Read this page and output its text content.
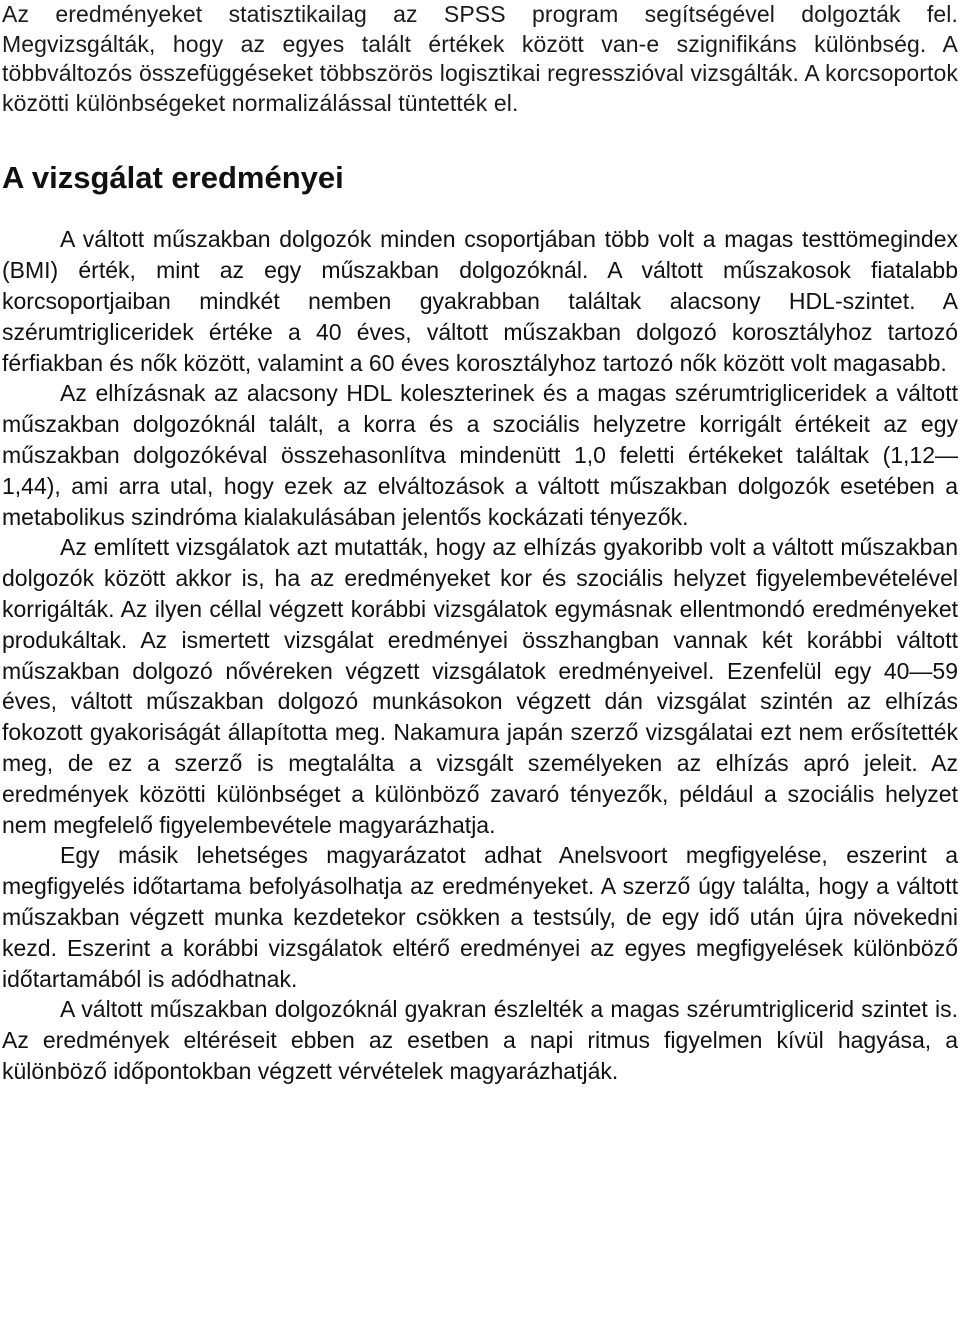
Az eredményeket statisztikailag az SPSS program segítségével dolgozták fel. Megvizsgálták, hogy az egyes talált értékek között van-e szignifikáns különbség. A többváltozós összefüggéseket többszörös logisztikai regresszióval vizsgálták. A korcsoportok közötti különbségeket normalizálással tüntették el.

A vizsgálat eredményei

A váltott műszakban dolgozók minden csoportjában több volt a magas testtömegindex (BMI) érték, mint az egy műszakban dolgozóknál. A váltott műszakosok fiatalabb korcsoportjaiban mindkét nemben gyakrabban találtak alacsony HDL-szintet. A szérumtrigliceridek értéke a 40 éves, váltott műszakban dolgozó korosztályhoz tartozó férfiakban és nők között, valamint a 60 éves korosztályhoz tartozó nők között volt magasabb.

Az elhízásnak az alacsony HDL koleszterinek és a magas szérumtrigliceridek a váltott műszakban dolgozóknál talált, a korra és a szociális helyzetre korrigált értékeit az egy műszakban dolgozókéval összehasonlítva mindenütt 1,0 feletti értékeket találtak (1,12—1,44), ami arra utal, hogy ezek az elváltozások a váltott műszakban dolgozók esetében a metabolikus szindróma kialakulásában jelentős kockázati tényezők.

Az említett vizsgálatok azt mutatták, hogy az elhízás gyakoribb volt a váltott műszakban dolgozók között akkor is, ha az eredményeket kor és szociális helyzet figyelembevételével korrigálták. Az ilyen céllal végzett korábbi vizsgálatok egymásnak ellentmondó eredményeket produkáltak. Az ismertett vizsgálat eredményei összhangban vannak két korábbi váltott műszakban dolgozó nővéreken végzett vizsgálatok eredményeivel. Ezenfelül egy 40—59 éves, váltott műszakban dolgozó munkásokon végzett dán vizsgálat szintén az elhízás fokozott gyakoriságát állapította meg. Nakamura japán szerző vizsgálatai ezt nem erősítették meg, de ez a szerző is megtalálta a vizsgált személyeken az elhízás apró jeleit. Az eredmények közötti különbséget a különböző zavaró tényezők, például a szociális helyzet nem megfelelő figyelembevétele magyarázhatja.

Egy másik lehetséges magyarázatot adhat Anelsvoort megfigyelése, eszerint a megfigyelés időtartama befolyásolhatja az eredményeket. A szerző úgy találta, hogy a váltott műszakban végzett munka kezdetekor csökken a testsúly, de egy idő után újra növekedni kezd. Eszerint a korábbi vizsgálatok eltérő eredményei az egyes megfigyelések különböző időtartamából is adódhatnak.

A váltott műszakban dolgozóknál gyakran észlelték a magas szérumtriglicerid szintet is. Az eredmények eltéréseit ebben az esetben a napi ritmus figyelmen kívül hagyása, a különböző időpontokban végzett vérvételek magyarázhatják.
